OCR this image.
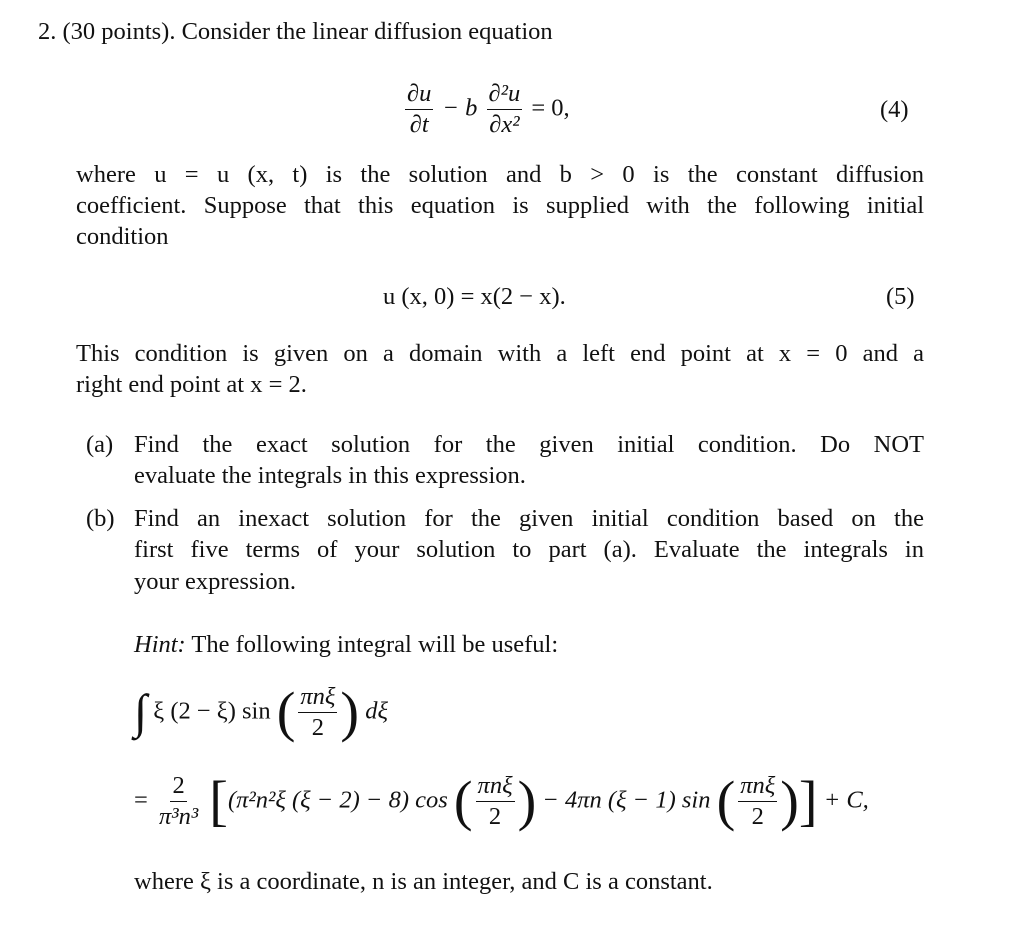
2. (30 points). Consider the linear diffusion equation
$\frac{\partial u}{\partial t} - b \frac{\text{∂²u}}{\text{∂x²}} = 0$,	(4)
where u = u (x, t) is the solution and b > 0 is the constant diffusion
coefficient. Suppose that this equation is supplied with the following initial
condition
u (x, 0) = x(2 − x).	(5)
This condition is given on a domain with a left end point at x = 0 and a
right end point at x = 2.
(a) Find the exact solution for the given initial condition. Do NOT
evaluate the integrals in this expression.
(b) Find an inexact solution for the given initial condition based on the
first five terms of your solution to part (a). Evaluate the integrals in
your expression.
Hint: The following integral will be useful:
∫ ξ (2 − ξ) sin ( $\frac{\text{πnξ}}{2}$ ) dξ
= $\frac{2}{\text{π³n³}} [(\pi^2n^2\xi$ (ξ − 2) − 8) cos ( $\frac{\text{πnξ}}{2}$ ) − 4πn (ξ − 1) sin ( $\frac{\text{πnξ}}{2}$ )] + C,
where ξ is a coordinate, n is an integer, and C is a constant.
